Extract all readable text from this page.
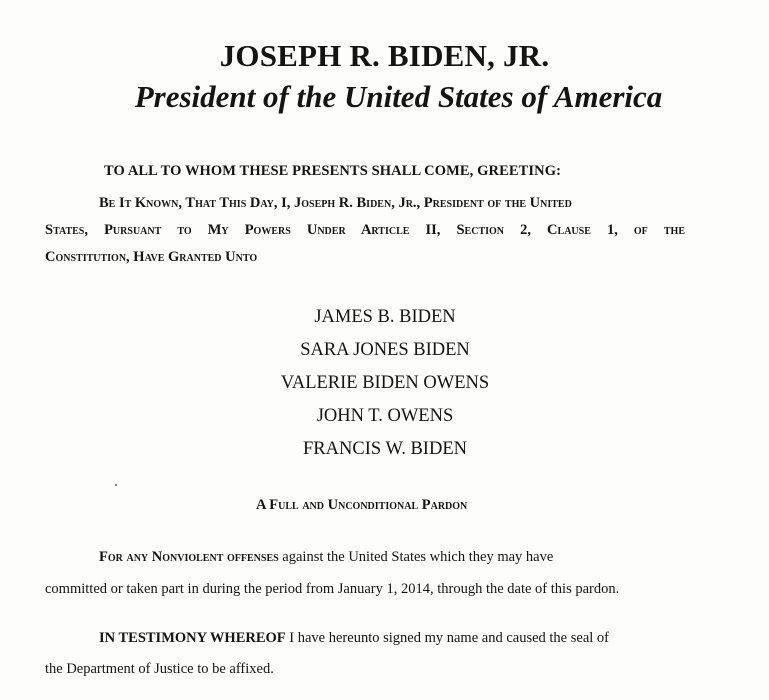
JOSEPH R. BIDEN, JR.
President of the United States of America
TO ALL TO WHOM THESE PRESENTS SHALL COME, GREETING:
Be It Known, That This Day, I, Joseph R. Biden, Jr., President of the United
States, Pursuant to My Powers Under Article II, Section 2, Clause 1, of the
Constitution, Have Granted Unto
JAMES B. BIDEN
SARA JONES BIDEN
VALERIE BIDEN OWENS
JOHN T. OWENS
FRANCIS W. BIDEN
A Full and Unconditional Pardon
For any Nonviolent offenses against the United States which they may have
committed or taken part in during the period from January 1, 2014, through the date of this pardon.
IN TESTIMONY WHEREOF I have hereunto signed my name and caused the seal of
the Department of Justice to be affixed.
